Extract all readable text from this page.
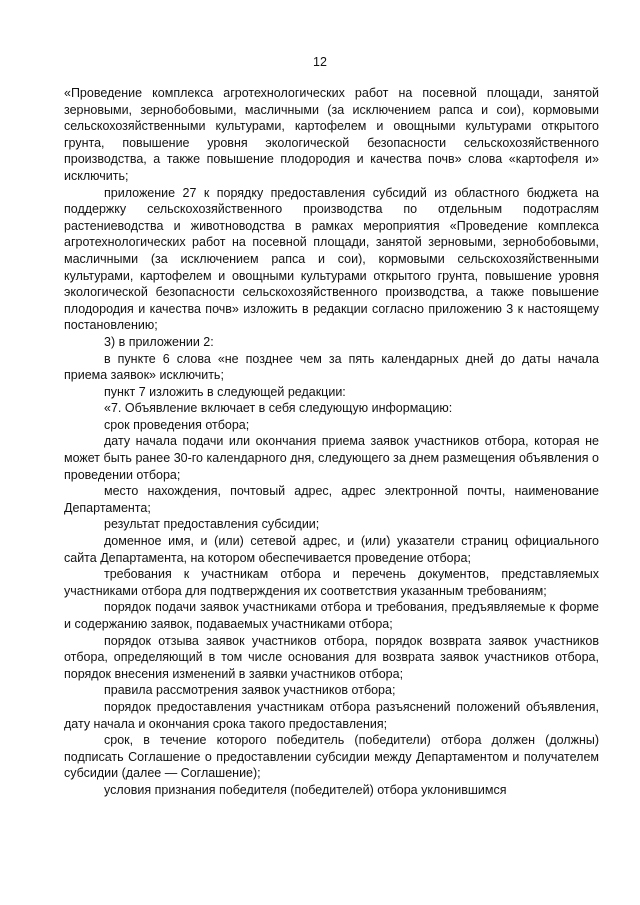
12

«Проведение комплекса агротехнологических работ на посевной площади, занятой зерновыми, зернобобовыми, масличными (за исключением рапса и сои), кормовыми сельскохозяйственными культурами, картофелем и овощными культурами открытого грунта, повышение уровня экологической безопасности сельскохозяйственного производства, а также повышение плодородия и качества почв» слова «картофеля и» исключить;

приложение 27 к порядку предоставления субсидий из областного бюджета на поддержку сельскохозяйственного производства по отдельным подотраслям растениеводства и животноводства в рамках мероприятия «Проведение комплекса агротехнологических работ на посевной площади, занятой зерновыми, зернобобовыми, масличными (за исключением рапса и сои), кормовыми сельскохозяйственными культурами, картофелем и овощными культурами открытого грунта, повышение уровня экологической безопасности сельскохозяйственного производства, а также повышение плодородия и качества почв» изложить в редакции согласно приложению 3 к настоящему постановлению;

3) в приложении 2:

в пункте 6 слова «не позднее чем за пять календарных дней до даты начала приема заявок» исключить;

пункт 7 изложить в следующей редакции:

«7. Объявление включает в себя следующую информацию:

срок проведения отбора;

дату начала подачи или окончания приема заявок участников отбора, которая не может быть ранее 30-го календарного дня, следующего за днем размещения объявления о проведении отбора;

место нахождения, почтовый адрес, адрес электронной почты, наименование Департамента;

результат предоставления субсидии;

доменное имя, и (или) сетевой адрес, и (или) указатели страниц официального сайта Департамента, на котором обеспечивается проведение отбора;

требования к участникам отбора и перечень документов, представляемых участниками отбора для подтверждения их соответствия указанным требованиям;

порядок подачи заявок участниками отбора и требования, предъявляемые к форме и содержанию заявок, подаваемых участниками отбора;

порядок отзыва заявок участников отбора, порядок возврата заявок участников отбора, определяющий в том числе основания для возврата заявок участников отбора, порядок внесения изменений в заявки участников отбора;

правила рассмотрения заявок участников отбора;

порядок предоставления участникам отбора разъяснений положений объявления, дату начала и окончания срока такого предоставления;

срок, в течение которого победитель (победители) отбора должен (должны) подписать Соглашение о предоставлении субсидии между Департаментом и получателем субсидии (далее — Соглашение);

условия признания победителя (победителей) отбора уклонившимся
